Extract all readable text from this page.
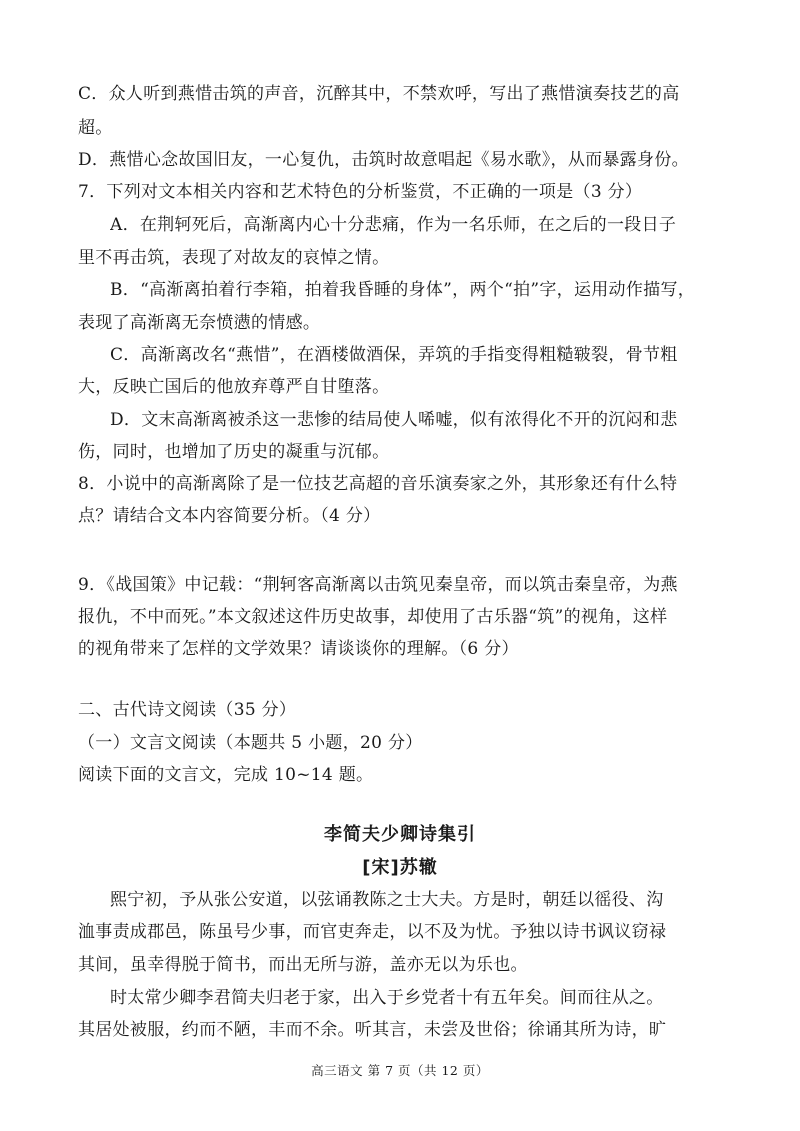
C．众人听到燕惜击筑的声音，沉醉其中，不禁欢呼，写出了燕惜演奏技艺的高
超。
D．燕惜心念故国旧友，一心复仇，击筑时故意唱起《易水歌》，从而暴露身份。
7．下列对文本相关内容和艺术特色的分析鉴赏，不正确的一项是（3 分）
A．在荆轲死后，高渐离内心十分悲痛，作为一名乐师，在之后的一段日子
里不再击筑，表现了对故友的哀悼之情。
B．“高渐离拍着行李箱，拍着我昏睡的身体”，两个“拍”字，运用动作描写，
表现了高渐离无奈愤懑的情感。
C．高渐离改名“燕惜”，在酒楼做酒保，弄筑的手指变得粗糙皲裂，骨节粗
大，反映亡国后的他放弃尊严自甘堕落。
D．文末高渐离被杀这一悲惨的结局使人唏嘘，似有浓得化不开的沉闷和悲
伤，同时，也增加了历史的凝重与沉郁。
8．小说中的高渐离除了是一位技艺高超的音乐演奏家之外，其形象还有什么特
点？请结合文本内容简要分析。（4 分）
9．《战国策》中记载：“荆轲客高渐离以击筑见秦皇帝，而以筑击秦皇帝，为燕
报仇，不中而死。”本文叙述这件历史故事，却使用了古乐器“筑”的视角，这样
的视角带来了怎样的文学效果？请谈谈你的理解。（6 分）
二、古代诗文阅读（35 分）
（一）文言文阅读（本题共 5 小题，20 分）
阅读下面的文言文，完成 10~14 题。
李简夫少卿诗集引
[宋]苏辙
熙宁初，予从张公安道，以弦诵教陈之士大夫。方是时，朝廷以徭役、沟
洫事责成郡邑，陈虽号少事，而官吏奔走，以不及为忧。予独以诗书讽议窃禄
其间，虽幸得脱于简书，而出无所与游，盖亦无以为乐也。
时太常少卿李君简夫归老于家，出入于乡党者十有五年矣。间而往从之。
其居处被服，约而不陋，丰而不余。听其言，未尝及世俗；徐诵其所为诗，旷
高三语文 第 7 页（共 12 页）
